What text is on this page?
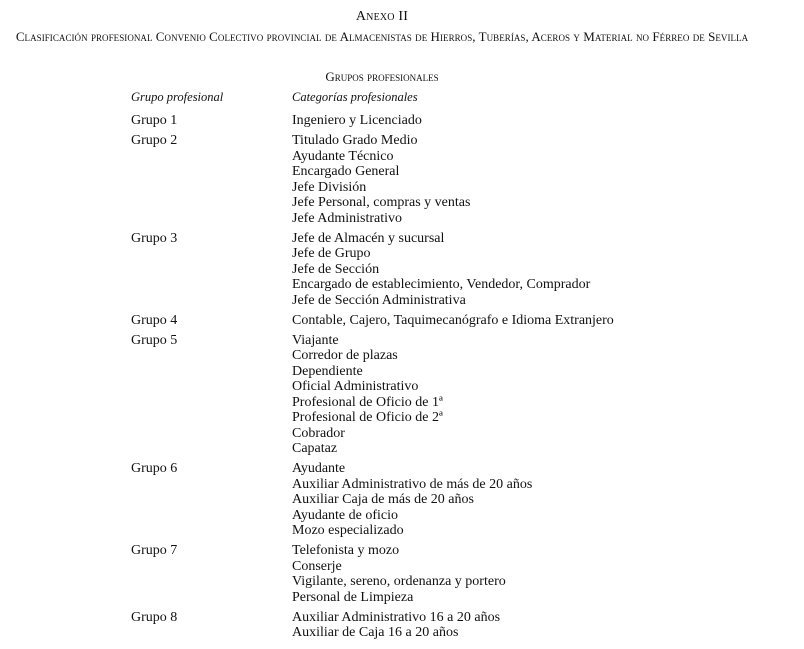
Anexo II
Clasificación profesional Convenio Colectivo provincial de Almacenistas de Hierros, Tuberías, Aceros y Material no Férreo de Sevilla
Grupos profesionales
Grupo profesional	Categorías profesionales
Grupo 1	Ingeniero y Licenciado
Grupo 2	Titulado Grado Medio
Ayudante Técnico
Encargado General
Jefe División
Jefe Personal, compras y ventas
Jefe Administrativo
Grupo 3	Jefe de Almacén y sucursal
Jefe de Grupo
Jefe de Sección
Encargado de establecimiento, Vendedor, Comprador
Jefe de Sección Administrativa
Grupo 4	Contable, Cajero, Taquimecanógrafo e Idioma Extranjero
Grupo 5	Viajante
Corredor de plazas
Dependiente
Oficial Administrativo
Profesional de Oficio de 1ª
Profesional de Oficio de 2ª
Cobrador
Capataz
Grupo 6	Ayudante
Auxiliar Administrativo de más de 20 años
Auxiliar Caja de más de 20 años
Ayudante de oficio
Mozo especializado
Grupo 7	Telefonista y mozo
Conserje
Vigilante, sereno, ordenanza y portero
Personal de Limpieza
Grupo 8	Auxiliar Administrativo 16 a 20 años
Auxiliar de Caja 16 a 20 años
